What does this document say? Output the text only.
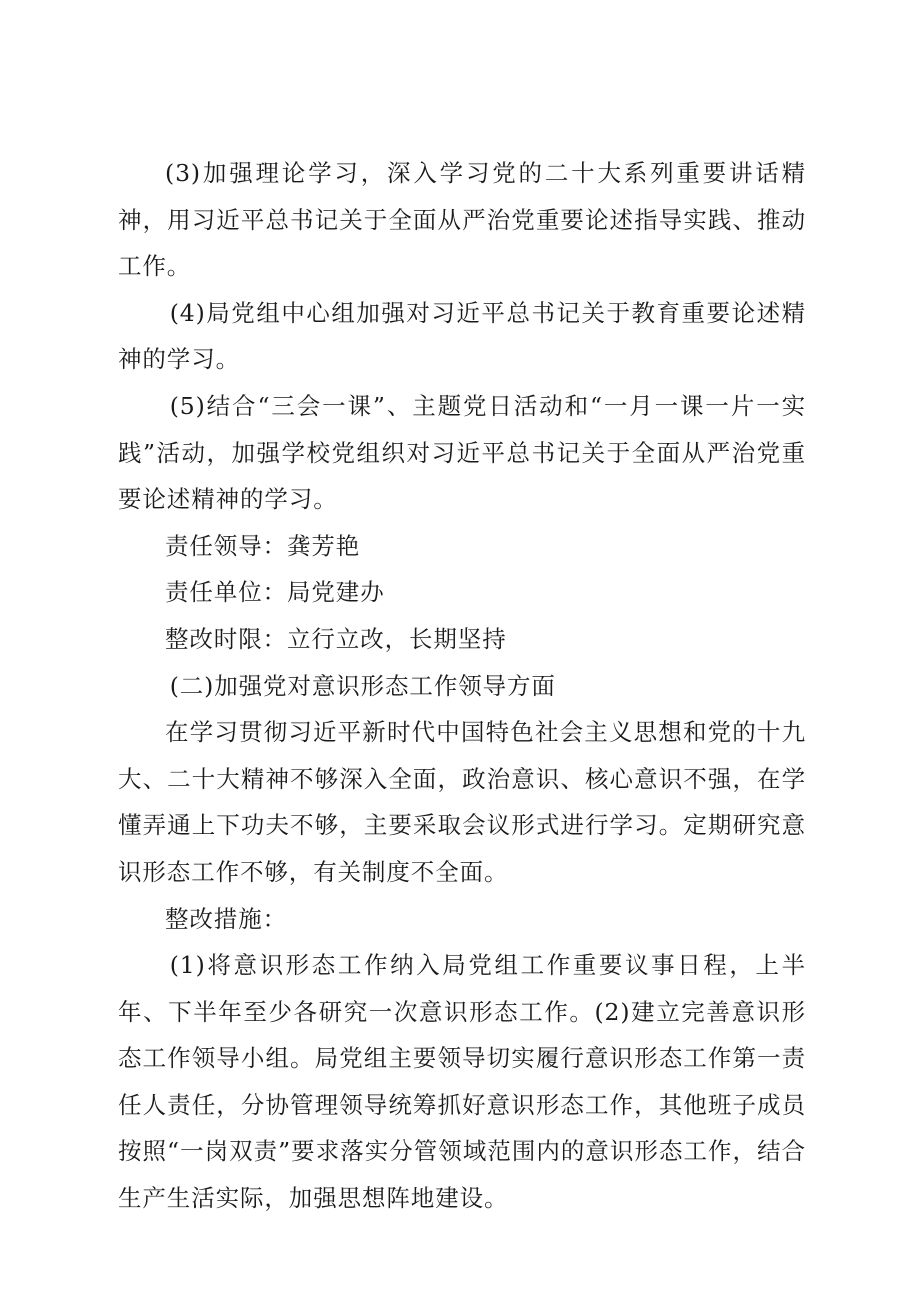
(3)加强理论学习，深入学习党的二十大系列重要讲话精神，用习近平总书记关于全面从严治党重要论述指导实践、推动工作。

(4)局党组中心组加强对习近平总书记关于教育重要论述精神的学习。

(5)结合“三会一课”、主题党日活动和“一月一课一片一实践”活动，加强学校党组织对习近平总书记关于全面从严治党重要论述精神的学习。

责任领导：龚芳艳

责任单位：局党建办

整改时限：立行立改，长期坚持

(二)加强党对意识形态工作领导方面

在学习贯彻习近平新时代中国特色社会主义思想和党的十九大、二十大精神不够深入全面，政治意识、核心意识不强，在学懂弄通上下功夫不够，主要采取会议形式进行学习。定期研究意识形态工作不够，有关制度不全面。

整改措施：

(1)将意识形态工作纳入局党组工作重要议事日程，上半年、下半年至少各研究一次意识形态工作。(2)建立完善意识形态工作领导小组。局党组主要领导切实履行意识形态工作第一责任人责任，分协管理领导统筹抓好意识形态工作，其他班子成员按照“一岗双责”要求落实分管领域范围内的意识形态工作，结合生产生活实际，加强思想阵地建设。
